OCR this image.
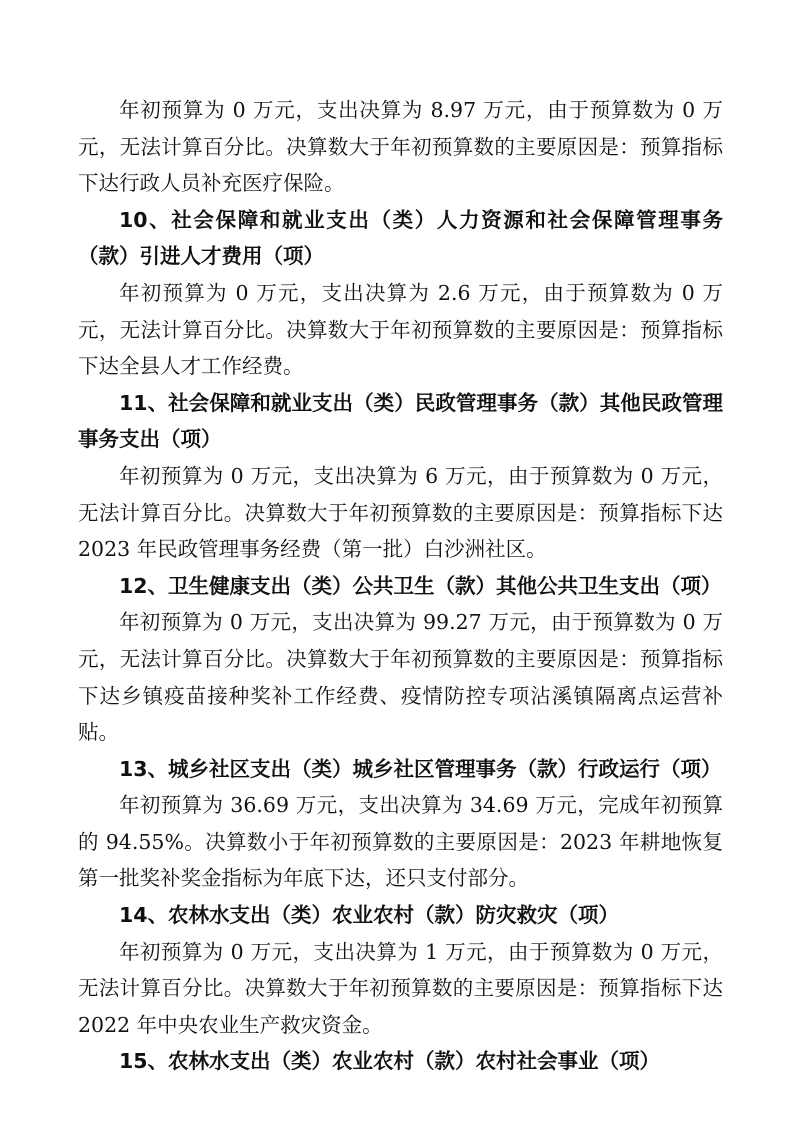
年初预算为 0 万元，支出决算为 8.97 万元，由于预算数为 0 万元，无法计算百分比。决算数大于年初预算数的主要原因是：预算指标下达行政人员补充医疗保险。

10、社会保障和就业支出（类）人力资源和社会保障管理事务（款）引进人才费用（项）

年初预算为 0 万元，支出决算为 2.6 万元，由于预算数为 0 万元，无法计算百分比。决算数大于年初预算数的主要原因是：预算指标下达全县人才工作经费。

11、社会保障和就业支出（类）民政管理事务（款）其他民政管理事务支出（项）

年初预算为 0 万元，支出决算为 6 万元，由于预算数为 0 万元，无法计算百分比。决算数大于年初预算数的主要原因是：预算指标下达 2023 年民政管理事务经费（第一批）白沙洲社区。

12、卫生健康支出（类）公共卫生（款）其他公共卫生支出（项）

年初预算为 0 万元，支出决算为 99.27 万元，由于预算数为 0 万元，无法计算百分比。决算数大于年初预算数的主要原因是：预算指标下达乡镇疫苗接种奖补工作经费、疫情防控专项沾溪镇隔离点运营补贴。

13、城乡社区支出（类）城乡社区管理事务（款）行政运行（项）

年初预算为 36.69 万元，支出决算为 34.69 万元，完成年初预算的 94.55%。决算数小于年初预算数的主要原因是：2023 年耕地恢复第一批奖补奖金指标为年底下达，还只支付部分。

14、农林水支出（类）农业农村（款）防灾救灾（项）

年初预算为 0 万元，支出决算为 1 万元，由于预算数为 0 万元，无法计算百分比。决算数大于年初预算数的主要原因是：预算指标下达 2022 年中央农业生产救灾资金。

15、农林水支出（类）农业农村（款）农村社会事业（项）
